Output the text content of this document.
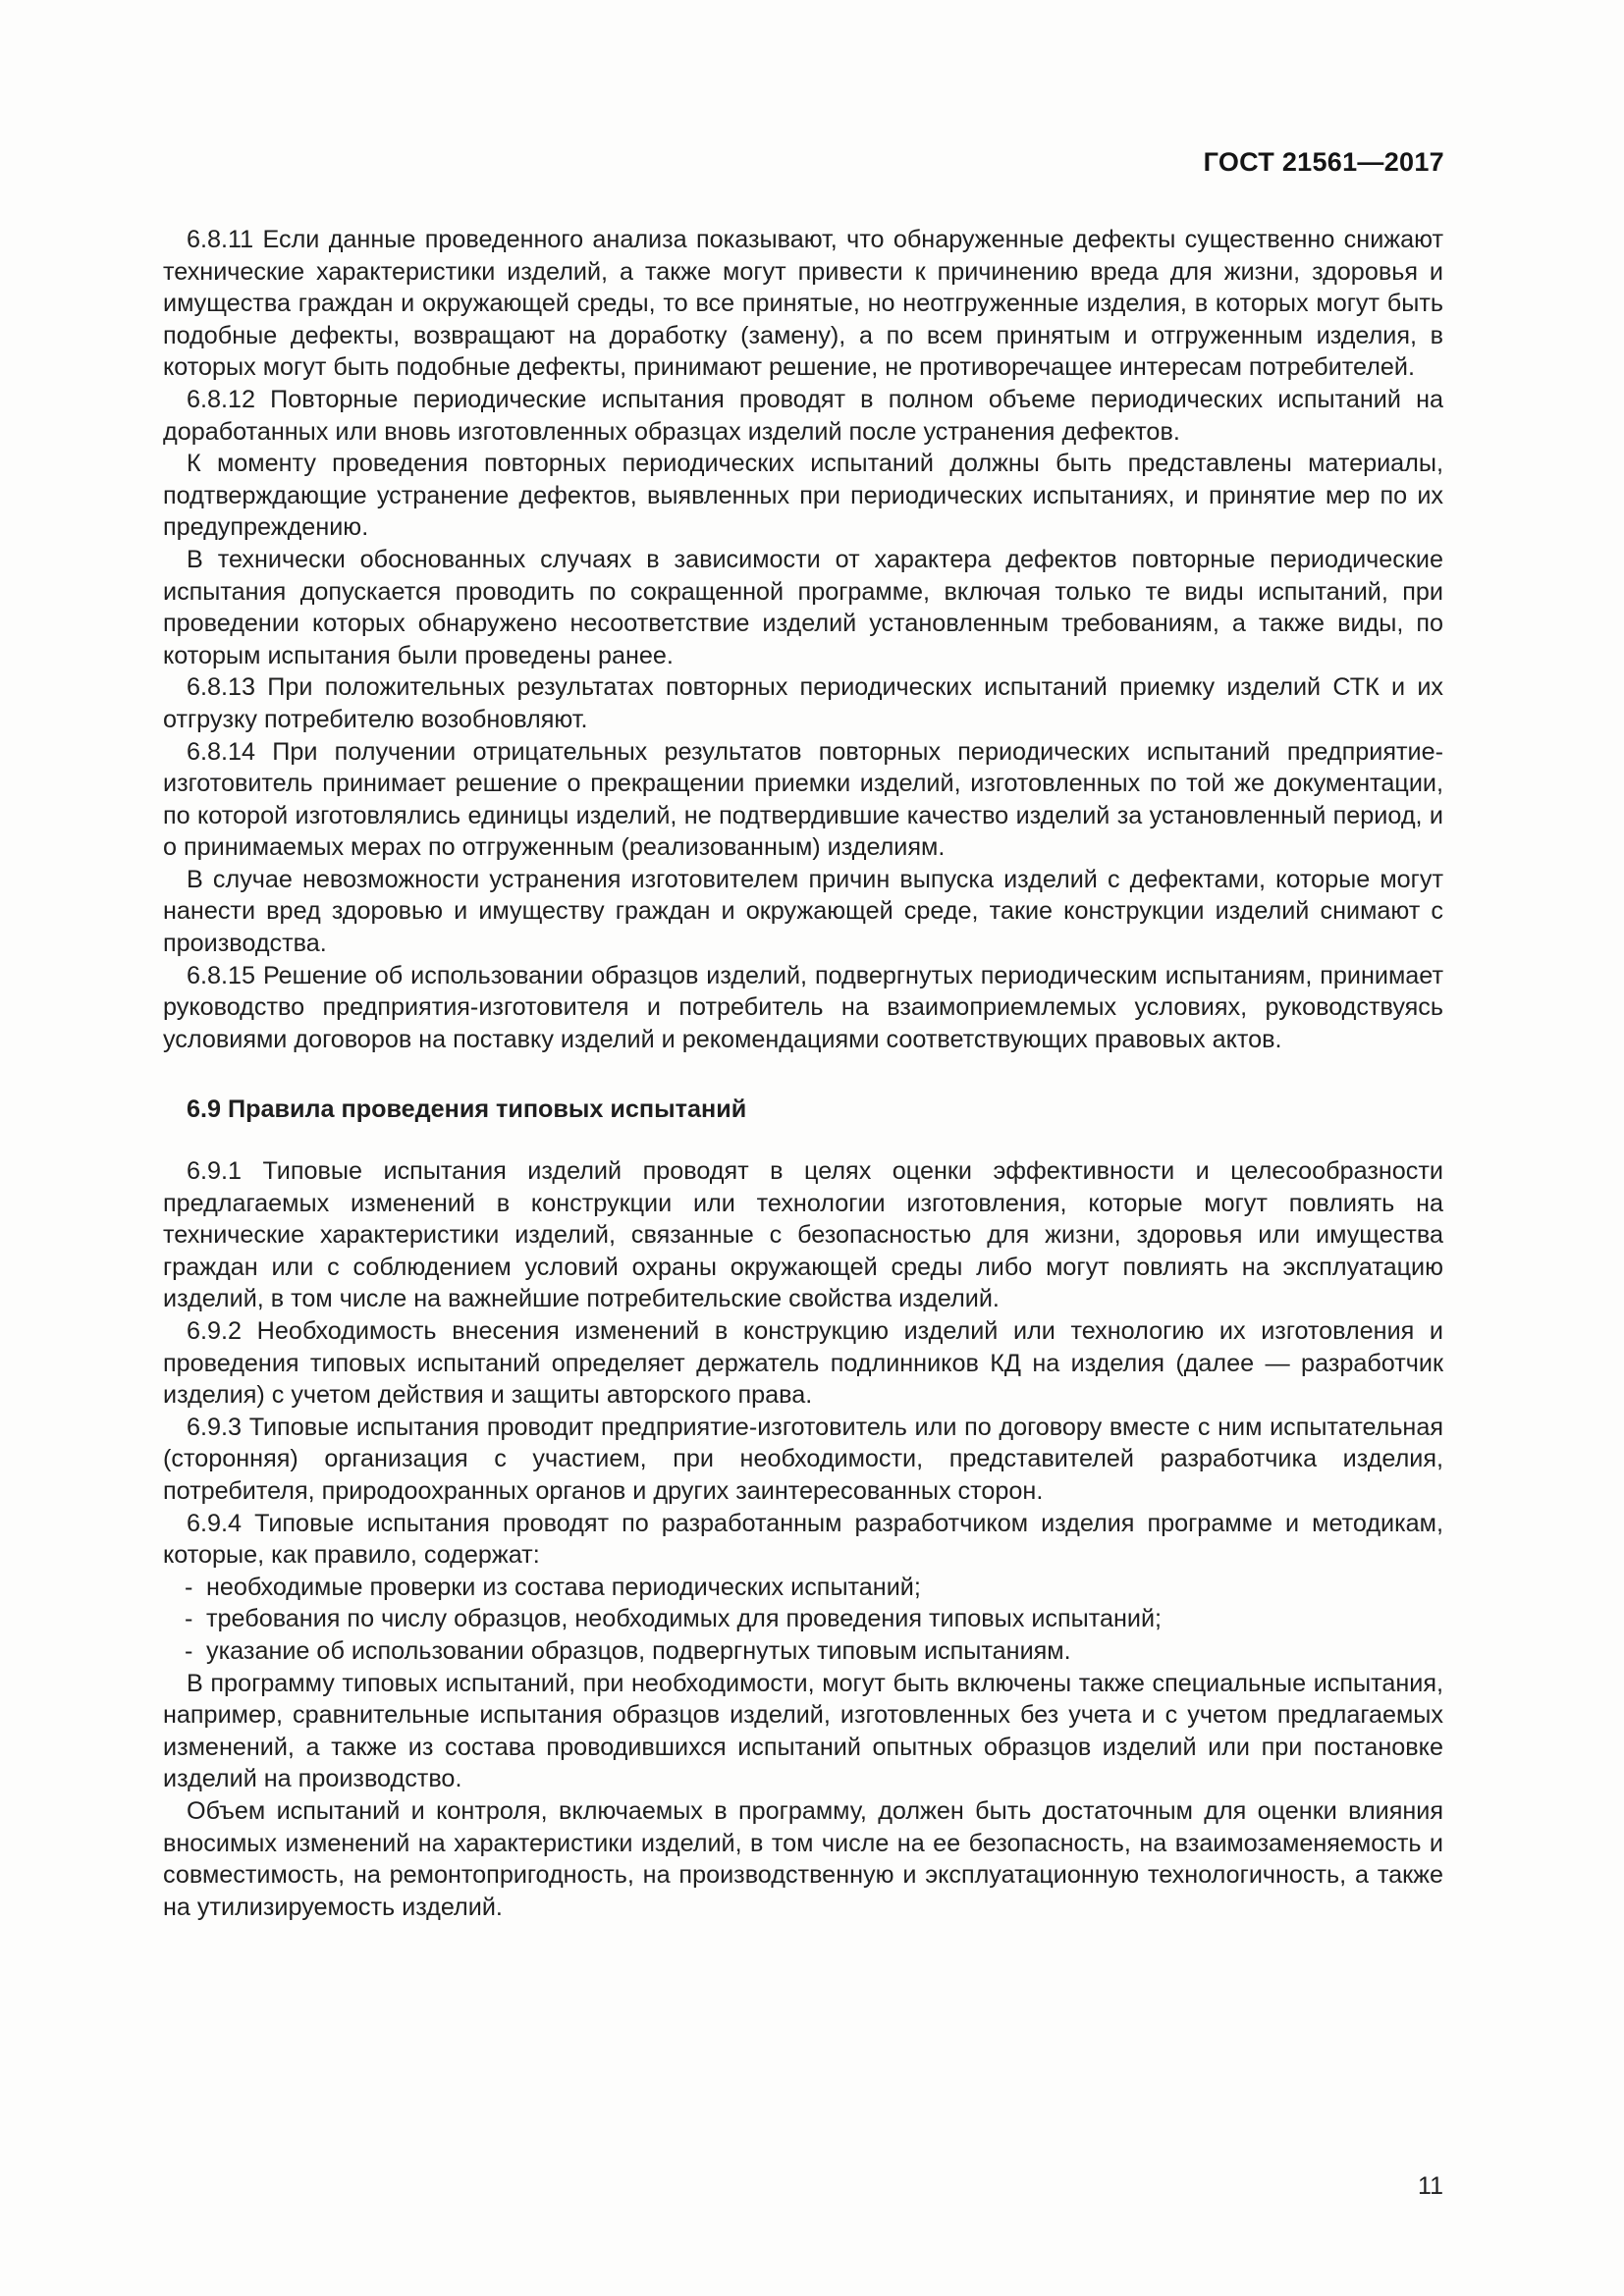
ГОСТ 21561—2017

6.8.11 Если данные проведенного анализа показывают, что обнаруженные дефекты существенно снижают технические характеристики изделий, а также могут привести к причинению вреда для жизни, здоровья и имущества граждан и окружающей среды, то все принятые, но неотгруженные изделия, в которых могут быть подобные дефекты, возвращают на доработку (замену), а по всем принятым и отгруженным изделия, в которых могут быть подобные дефекты, принимают решение, не противоречащее интересам потребителей.

6.8.12 Повторные периодические испытания проводят в полном объеме периодических испытаний на доработанных или вновь изготовленных образцах изделий после устранения дефектов.

К моменту проведения повторных периодических испытаний должны быть представлены материалы, подтверждающие устранение дефектов, выявленных при периодических испытаниях, и принятие мер по их предупреждению.

В технически обоснованных случаях в зависимости от характера дефектов повторные периодические испытания допускается проводить по сокращенной программе, включая только те виды испытаний, при проведении которых обнаружено несоответствие изделий установленным требованиям, а также виды, по которым испытания были проведены ранее.

6.8.13 При положительных результатах повторных периодических испытаний приемку изделий СТК и их отгрузку потребителю возобновляют.

6.8.14 При получении отрицательных результатов повторных периодических испытаний предприятие-изготовитель принимает решение о прекращении приемки изделий, изготовленных по той же документации, по которой изготовлялись единицы изделий, не подтвердившие качество изделий за установленный период, и о принимаемых мерах по отгруженным (реализованным) изделиям.

В случае невозможности устранения изготовителем причин выпуска изделий с дефектами, которые могут нанести вред здоровью и имуществу граждан и окружающей среде, такие конструкции изделий снимают с производства.

6.8.15 Решение об использовании образцов изделий, подвергнутых периодическим испытаниям, принимает руководство предприятия-изготовителя и потребитель на взаимоприемлемых условиях, руководствуясь условиями договоров на поставку изделий и рекомендациями соответствующих правовых актов.

6.9 Правила проведения типовых испытаний

6.9.1 Типовые испытания изделий проводят в целях оценки эффективности и целесообразности предлагаемых изменений в конструкции или технологии изготовления, которые могут повлиять на технические характеристики изделий, связанные с безопасностью для жизни, здоровья или имущества граждан или с соблюдением условий охраны окружающей среды либо могут повлиять на эксплуатацию изделий, в том числе на важнейшие потребительские свойства изделий.

6.9.2 Необходимость внесения изменений в конструкцию изделий или технологию их изготовления и проведения типовых испытаний определяет держатель подлинников КД на изделия (далее — разработчик изделия) с учетом действия и защиты авторского права.

6.9.3 Типовые испытания проводит предприятие-изготовитель или по договору вместе с ним испытательная (сторонняя) организация с участием, при необходимости, представителей разработчика изделия, потребителя, природоохранных органов и других заинтересованных сторон.

6.9.4 Типовые испытания проводят по разработанным разработчиком изделия программе и методикам, которые, как правило, содержат:

- необходимые проверки из состава периодических испытаний;
- требования по числу образцов, необходимых для проведения типовых испытаний;
- указание об использовании образцов, подвергнутых типовым испытаниям.

В программу типовых испытаний, при необходимости, могут быть включены также специальные испытания, например, сравнительные испытания образцов изделий, изготовленных без учета и с учетом предлагаемых изменений, а также из состава проводившихся испытаний опытных образцов изделий или при постановке изделий на производство.

Объем испытаний и контроля, включаемых в программу, должен быть достаточным для оценки влияния вносимых изменений на характеристики изделий, в том числе на ее безопасность, на взаимозаменяемость и совместимость, на ремонтопригодность, на производственную и эксплуатационную технологичность, а также на утилизируемость изделий.

11
